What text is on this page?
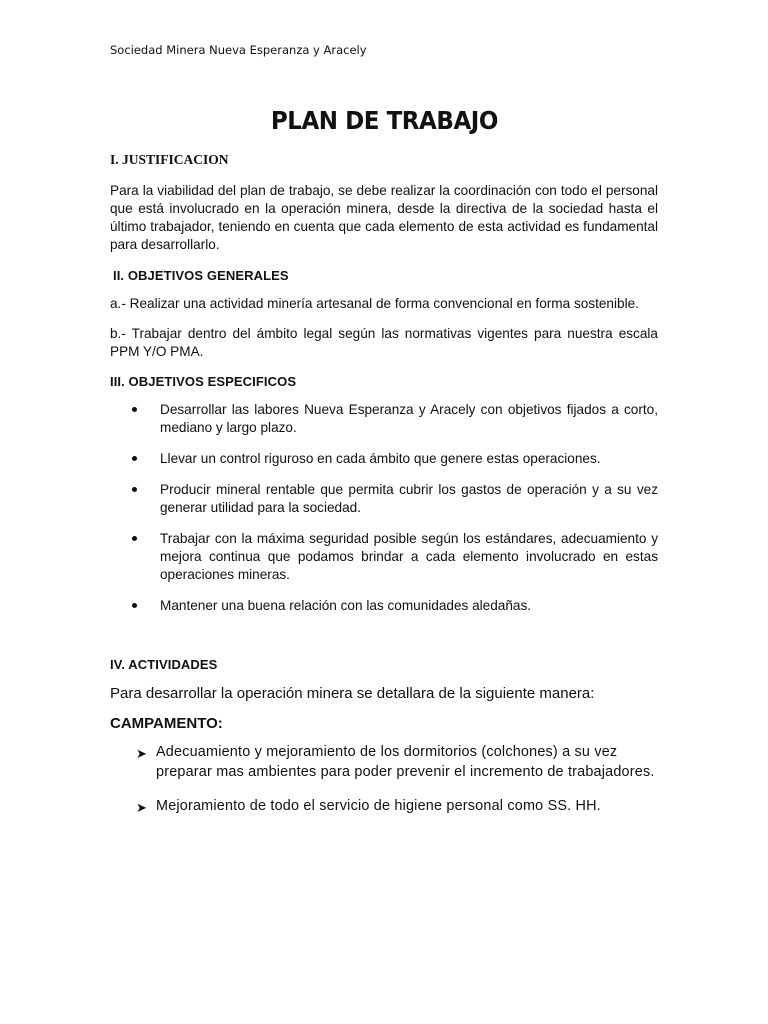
Sociedad Minera Nueva Esperanza y Aracely
PLAN DE TRABAJO
I. JUSTIFICACION

Para la viabilidad del plan de trabajo, se debe realizar la coordinación con todo el personal que está involucrado en la operación minera, desde la directiva de la sociedad hasta el último trabajador, teniendo en cuenta que cada elemento de esta actividad es fundamental para desarrollarlo.

II. OBJETIVOS GENERALES
a.- Realizar una actividad minería artesanal de forma convencional en forma sostenible.
b.- Trabajar dentro del ámbito legal según las normativas vigentes para nuestra escala PPM Y/O PMA.
III. OBJETIVOS ESPECIFICOS
Desarrollar las labores Nueva Esperanza y Aracely con objetivos fijados a corto, mediano y largo plazo.
Llevar un control riguroso en cada ámbito que genere estas operaciones.
Producir mineral rentable que permita cubrir los gastos de operación y a su vez generar utilidad para la sociedad.
Trabajar con la máxima seguridad posible según los estándares, adecuamiento y mejora continua que podamos brindar a cada elemento involucrado en estas operaciones mineras.
Mantener una buena relación con las comunidades aledañas.
IV. ACTIVIDADES

Para desarrollar la operación minera se detallara de la siguiente manera:

CAMPAMENTO:
➤ Adecuamiento y mejoramiento de los dormitorios (colchones) a su vez preparar mas ambientes para poder prevenir el incremento de trabajadores.
➤ Mejoramiento de todo el servicio de higiene personal como SS. HH.
